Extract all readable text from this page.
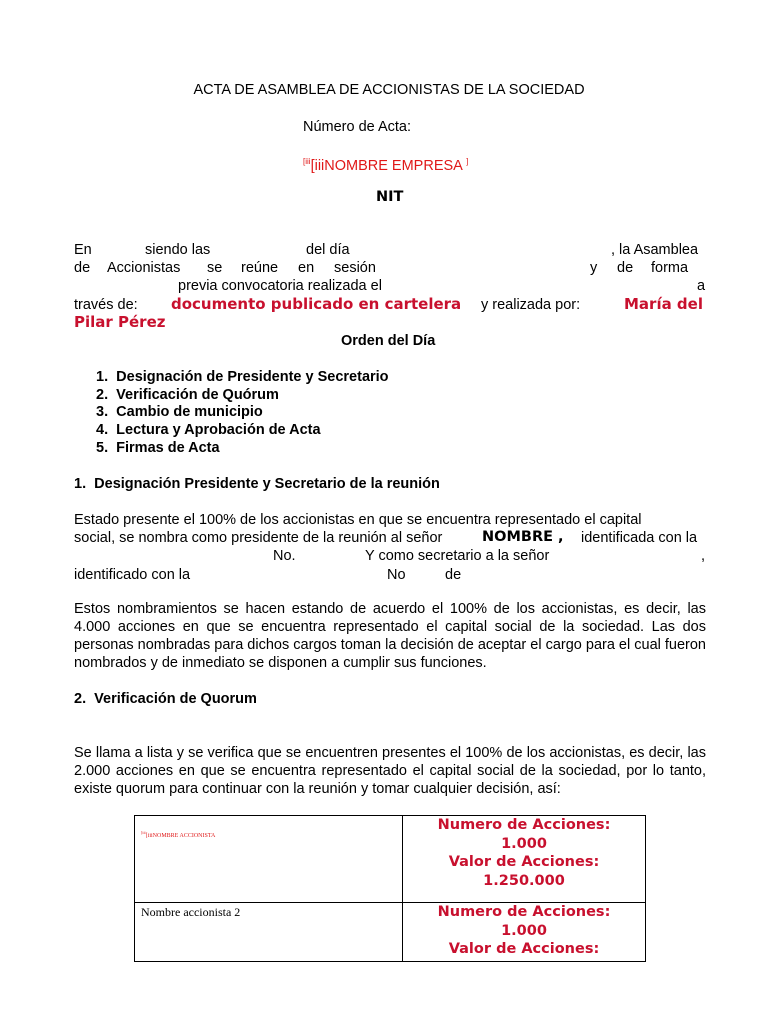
ACTA DE ASAMBLEA DE ACCIONISTAS DE LA SOCIEDAD
Número de Acta:
$^{[iii}$[iiiNOMBRE EMPRESA ]
NIT
En	siendo las	del día	, la Asamblea
de Accionistas se reúne en sesión	y de forma
previa convocatoria realizada el	a
través de: documento publicado en cartelera y realizada por:	María del
Pilar Pérez
Orden del Día
1. Designación de Presidente y Secretario
2. Verificación de Quórum
3. Cambio de municipio
4. Lectura y Aprobación de Acta
5. Firmas de Acta
1. Designación Presidente y Secretario de la reunión
Estado presente el 100% de los accionistas en que se encuentra representado el capital
social, se nombra como presidente de la reunión al señor	NOMBRE , identificada con la
No.	Y como secretario a la señor	,
identificado con la	No	de
Estos nombramientos se hacen estando de acuerdo el 100% de los accionistas, es decir, las 4.000 acciones en que se encuentra representado el capital social de la sociedad. Las dos personas nombradas para dichos cargos toman la decisión de aceptar el cargo para el cual fueron nombrados y de inmediato se disponen a cumplir sus funciones.
2. Verificación de Quorum
Se llama a lista y se verifica que se encuentren presentes el 100% de los accionistas, es decir, las 2.000 acciones en que se encuentra representado el capital social de la sociedad, por lo tanto, existe quorum para continuar con la reunión y tomar cualquier decisión, así:
$^{[iii}$[iiiNOMBRE ACCIONISTA	Numero de Acciones:
1.000
Valor de Acciones:
1.250.000

Nombre accionista 2	Numero de Acciones:
1.000
Valor de Acciones:
